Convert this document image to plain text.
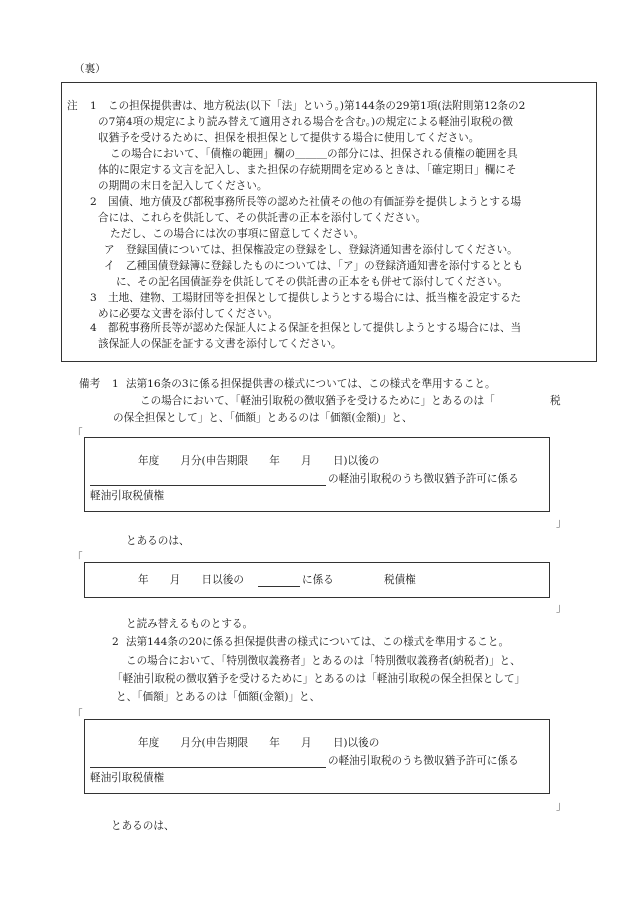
（裏）
注 1 この担保提供書は、地方税法(以下「法」という。)第144条の29第1項(法附則第12条の2
の7第4項の規定により読み替えて適用される場合を含む。)の規定による軽油引取税の徴
収猶予を受けるために、担保を根担保として提供する場合に使用してください。
この場合において、「債権の範囲」欄の＿＿＿の部分には、担保される債権の範囲を具
体的に限定する文言を記入し、また担保の存続期間を定めるときは、「確定期日」欄にそ
の期間の末日を記入してください。
2 国債、地方債及び都税事務所長等の認めた社債その他の有価証券を提供しようとする場
合には、これらを供託して、その供託書の正本を添付してください。
ただし、この場合には次の事項に留意してください。
ア 登録国債については、担保権設定の登録をし、登録済通知書を添付してください。
イ 乙種国債登録簿に登録したものについては、「ア」の登録済通知書を添付するととも
に、その記名国債証券を供託してその供託書の正本をも併せて添付してください。
3 土地、建物、工場財団等を担保として提供しようとする場合には、抵当権を設定するた
めに必要な文書を添付してください。
備考 1 法第16条の3に係る担保提供書の様式については、この様式を準用すること。
この場合において、「軽油引取税の徴収猶予を受けるために」とあるのは「	税
の保全担保として」と、「価額」とあるのは「価額(金額)」と、
「
年度　　月分(申告期限　　年　　月　　日)以後の
の軽油引取税のうち徴収猶予許可に係る
軽油引取税債権
」
とあるのは、
「
年　　月　　日以後の	に係る	税債権
」
と読み替えるものとする。
2 法第144条の20に係る担保提供書の様式については、この様式を準用すること。
この場合において、「特別徴収義務者」とあるのは「特別徴収義務者(納税者)」と、
「軽油引取税の徴収猶予を受けるために」とあるのは「軽油引取税の保全担保として」
と、「価額」とあるのは「価額(金額)」と、
「
年度　　月分(申告期限　　年　　月　　日)以後の
の軽油引取税のうち徴収猶予許可に係る
軽油引取税債権
」
とあるのは、
4 都税事務所長等が認めた保証人による保証を担保として提供しようとする場合には、当
該保証人の保証を証する文書を添付してください。
